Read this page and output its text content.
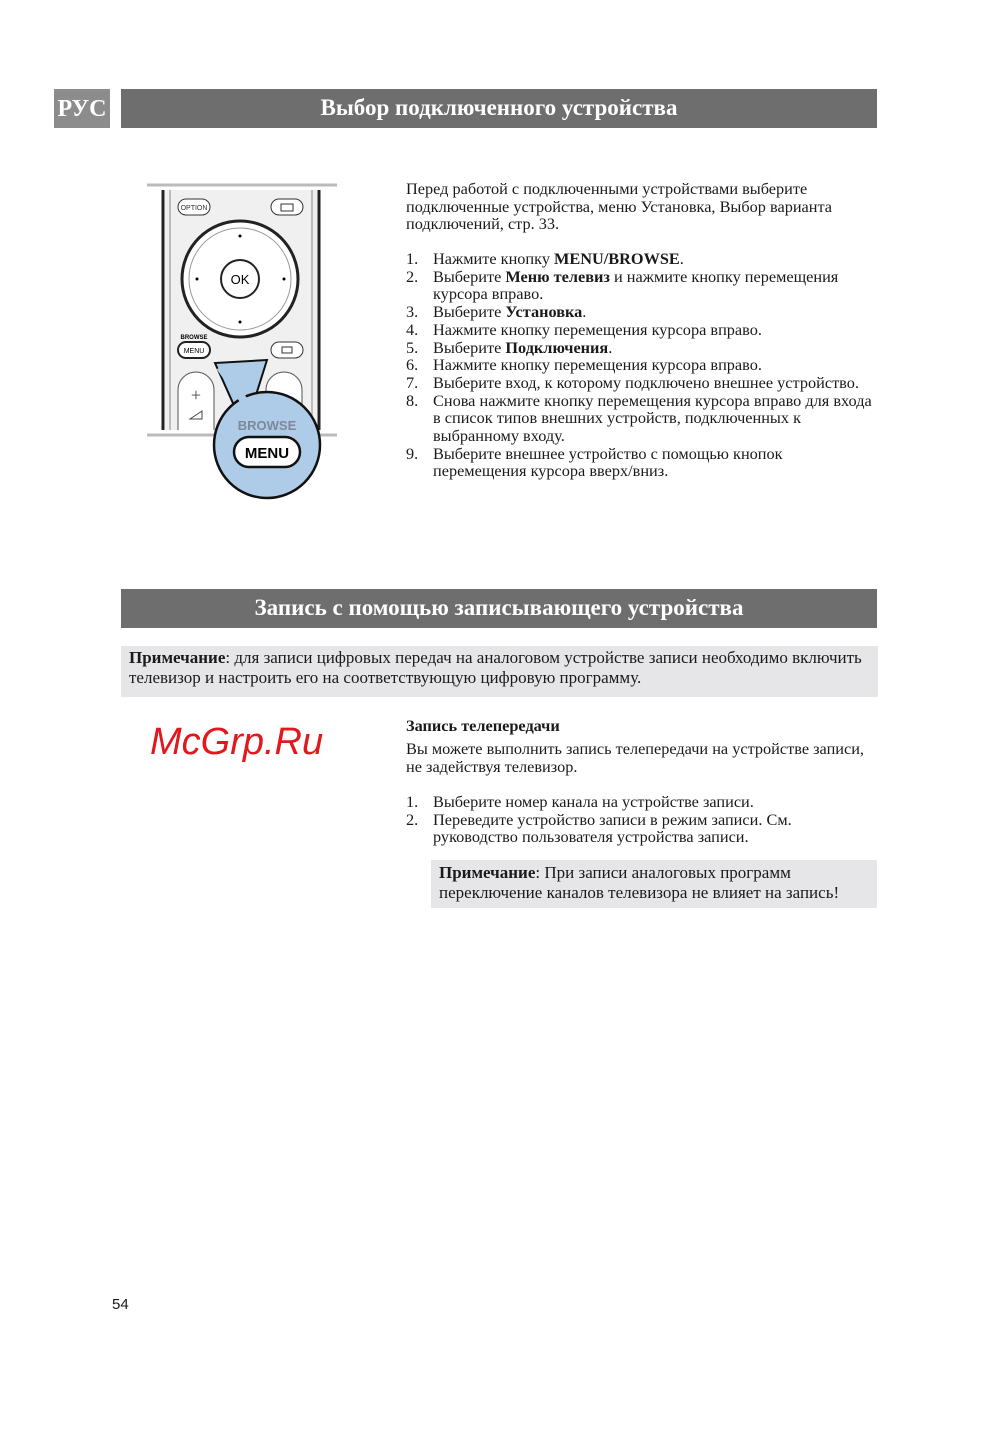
РУС	Выбор подключенного устройства
OPTION
OK
BROWSE
MENU
+
BROWSE
MENU
Перед работой с подключенными устройствами выберите подключенные устройства, меню Установка, Выбор варианта подключений, стр. 33.
1. Нажмите кнопку MENU/BROWSE.
2. Выберите Меню телевиз и нажмите кнопку перемещения курсора вправо.
3. Выберите Установка.
4. Нажмите кнопку перемещения курсора вправо.
5. Выберите Подключения.
6. Нажмите кнопку перемещения курсора вправо.
7. Выберите вход, к которому подключено внешнее устройство.
8. Снова нажмите кнопку перемещения курсора вправо для входа в список типов внешних устройств, подключенных к выбранному входу.
9. Выберите внешнее устройство с помощью кнопок перемещения курсора вверх/вниз.
Запись с помощью записывающего устройства
Примечание: для записи цифровых передач на аналоговом устройстве записи необходимо включить телевизор и настроить его на соответствующую цифровую программу.
Запись телепередачи
McGrp.Ru	Вы можете выполнить запись телепередачи на устройстве записи, не задействуя телевизор.
1. Выберите номер канала на устройстве записи.
2. Переведите устройство записи в режим записи. См. руководство пользователя устройства записи.
Примечание: При записи аналоговых программ переключение каналов телевизора не влияет на запись!
54
